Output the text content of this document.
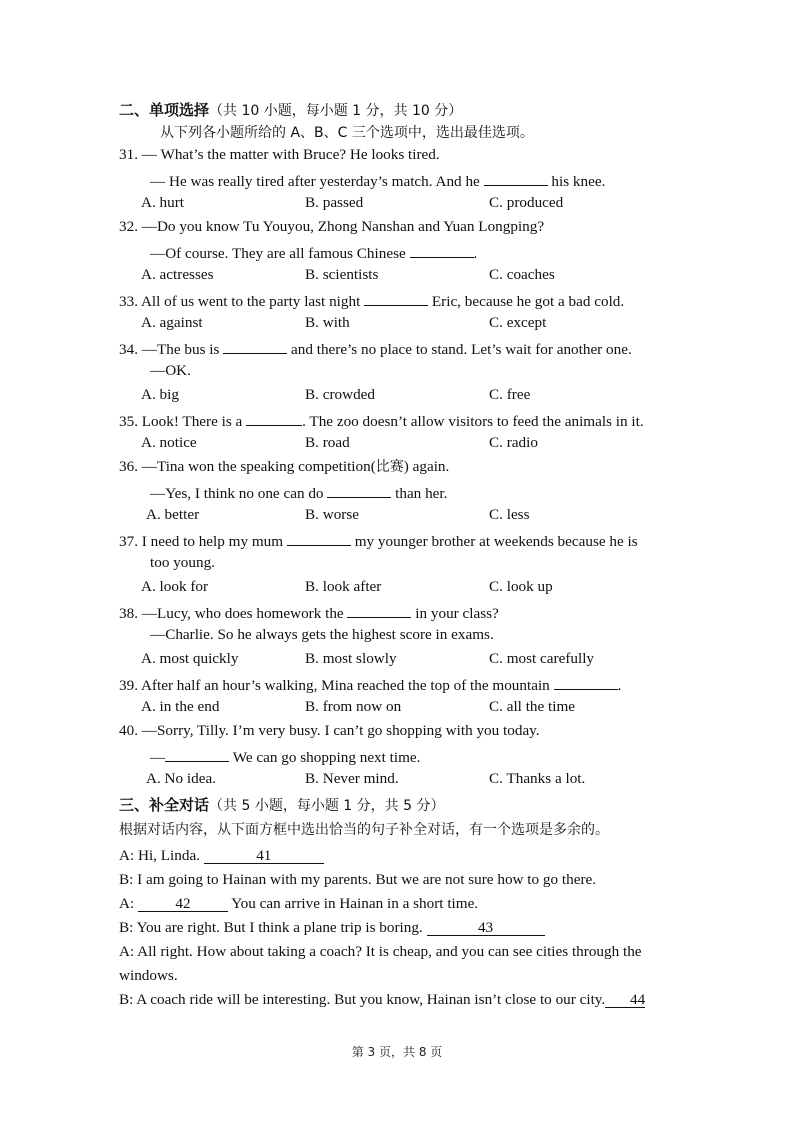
二、单项选择（共 10 小题，每小题 1 分，共 10 分）
从下列各小题所给的 A、B、C 三个选项中，选出最佳选项。
31. — What’s the matter with Bruce? He looks tired.
— He was really tired after yesterday’s match. And he	his knee.
A. hurt	B. passed	C. produced
32. —Do you know Tu Youyou, Zhong Nanshan and Yuan Longping?
—Of course. They are all famous Chinese	.
A. actresses	B. scientists	C. coaches
33. All of us went to the party last night	Eric, because he got a bad cold.
A. against	B. with	C. except
34. —The bus is	and there’s no place to stand. Let’s wait for another one.
—OK.
A. big	B. crowded	C. free
35. Look! There is a	. The zoo doesn’t allow visitors to feed the animals in it.
A. notice	B. road	C. radio
36. —Tina won the speaking competition(比赛) again.
—Yes, I think no one can do	than her.
A. better	B. worse	C. less
37. I need to help my mum	my younger brother at weekends because he is
too young.
A. look for	B. look after	C. look up
38. —Lucy, who does homework the	in your class?
—Charlie. So he always gets the highest score in exams.
A. most quickly	B. most slowly	C. most carefully
39. After half an hour’s walking, Mina reached the top of the mountain	.
A. in the end	B. from now on	C. all the time
40. —Sorry, Tilly. I’m very busy. I can’t go shopping with you today.
—	We can go shopping next time.
A. No idea.	B. Never mind.	C. Thanks a lot.
三、补全对话（共 5 小题，每小题 1 分，共 5 分）
根据对话内容，从下面方框中选出恰当的句子补全对话，有一个选项是多余的。
A: Hi, Linda.	41
B: I am going to Hainan with my parents. But we are not sure how to go there.
A:	42	You can arrive in Hainan in a short time.
B: You are right. But I think a plane trip is boring.	43
A: All right. How about taking a coach? It is cheap, and you can see cities through the
windows.
B: A coach ride will be interesting. But you know, Hainan isn’t close to our city. 44
第 3 页，共 8 页
